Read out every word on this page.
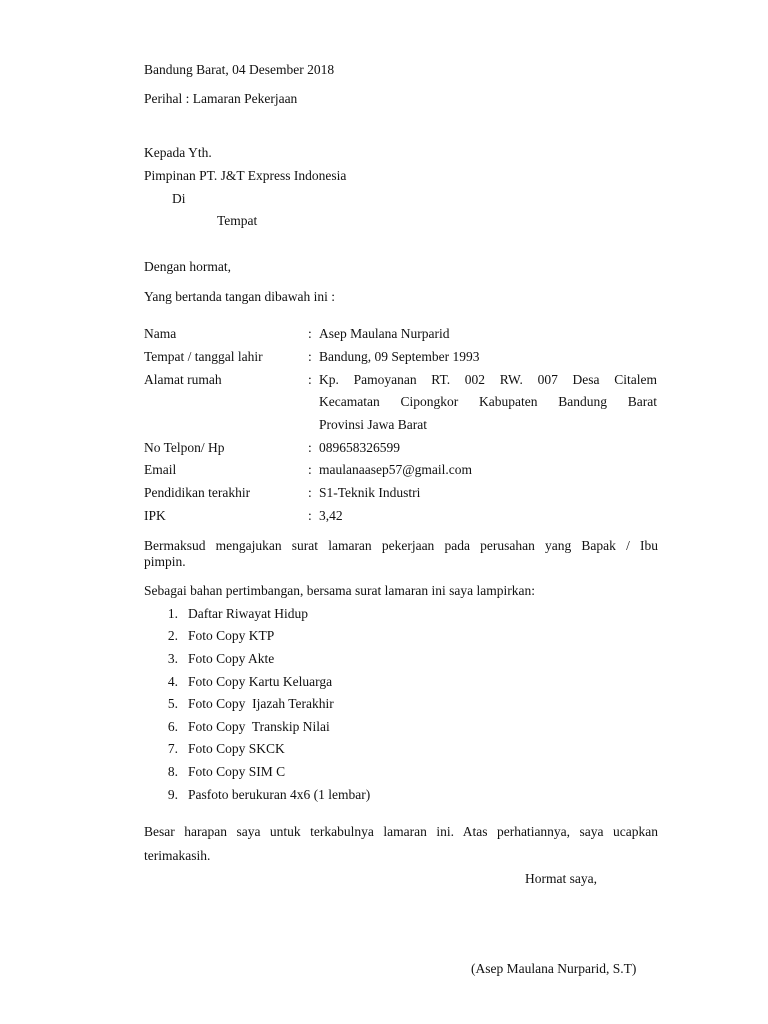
Bandung Barat, 04 Desember 2018
Perihal : Lamaran Pekerjaan
Kepada Yth.
Pimpinan PT. J&T Express Indonesia
Di
Tempat
Dengan hormat,
Yang bertanda tangan dibawah ini :
Nama	: Asep Maulana Nurparid
Tempat / tanggal lahir	: Bandung, 09 September 1993
Alamat rumah	: Kp. Pamoyanan RT. 002 RW. 007 Desa Citalem
Kecamatan Cipongkor Kabupaten Bandung Barat
Provinsi Jawa Barat
No Telpon/ Hp	: 089658326599
Email	: maulanaasep57@gmail.com
Pendidikan terakhir	: S1-Teknik Industri
IPK	: 3,42
Bermaksud mengajukan surat lamaran pekerjaan pada perusahan yang Bapak / Ibu
pimpin.
Sebagai bahan pertimbangan, bersama surat lamaran ini saya lampirkan:
1. Daftar Riwayat Hidup
2. Foto Copy KTP
3. Foto Copy Akte
4. Foto Copy Kartu Keluarga
5. Foto Copy  Ijazah Terakhir
6. Foto Copy  Transkip Nilai
7. Foto Copy SKCK
8. Foto Copy SIM C
9. Pasfoto berukuran 4x6 (1 lembar)
Besar harapan saya untuk terkabulnya lamaran ini. Atas perhatiannya, saya ucapkan
terimakasih.
Hormat saya,
(Asep Maulana Nurparid, S.T)
